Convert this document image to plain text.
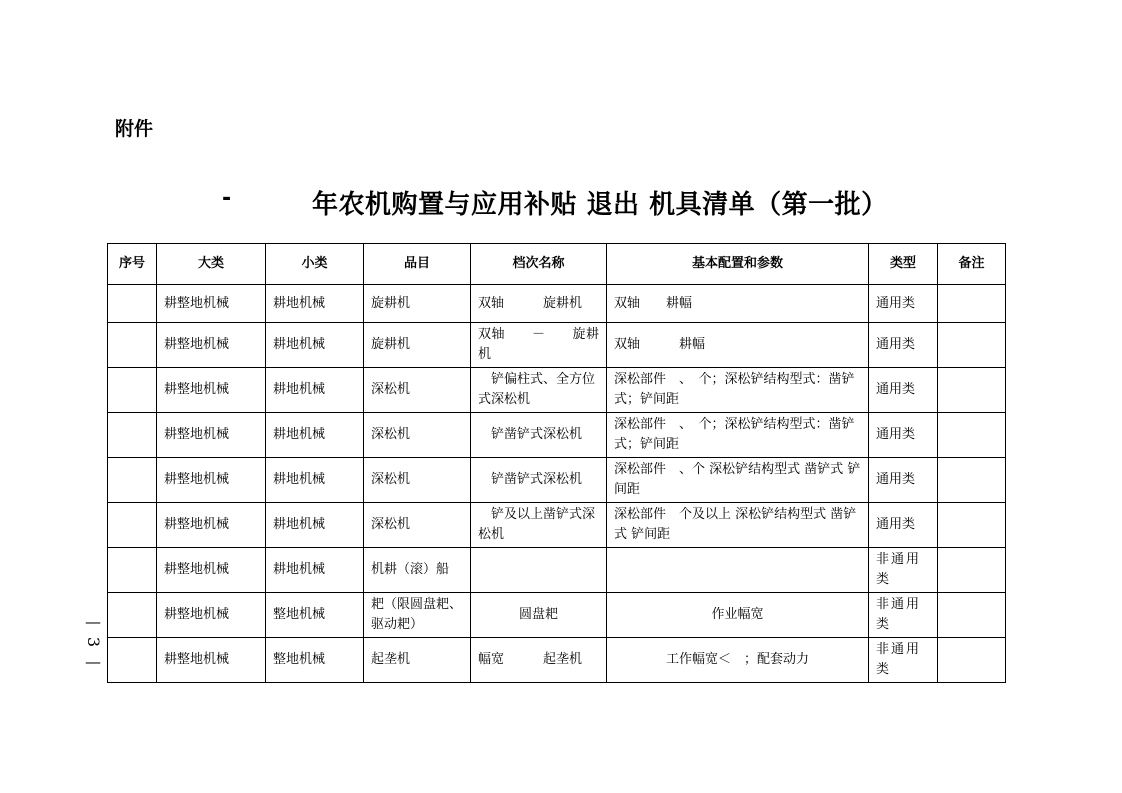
附件
-	年农机购置与应用补贴 退出 机具清单（第一批）
序号	大类	小类	品目	档次名称	基本配置和参数	类型	备注
	耕整地机械	耕地机械	旋耕机	双轴　　　旋耕机	双轴　　耕幅	通用类	
	耕整地机械	耕地机械	旋耕机	双轴　　－　　旋耕机	双轴　　　耕幅	通用类	
	耕整地机械	耕地机械	深松机	　铲偏柱式、全方位式深松机	深松部件　、　个；深松铲结构型式：凿铲式；铲间距	通用类	
	耕整地机械	耕地机械	深松机	　铲凿铲式深松机	深松部件　、　个；深松铲结构型式：凿铲式；铲间距	通用类	
	耕整地机械	耕地机械	深松机	　铲凿铲式深松机	深松部件　、个 深松铲结构型式 凿铲式 铲间距	通用类	
	耕整地机械	耕地机械	深松机	　铲及以上凿铲式深松机	深松部件　个及以上 深松铲结构型式 凿铲式 铲间距	通用类	
	耕整地机械	耕地机械	机耕（滚）船			非通用类	
	耕整地机械	整地机械	耙（限圆盘耙、驱动耙）	圆盘耙	作业幅宽	非通用类	
	耕整地机械	整地机械	起垄机	幅宽　　　起垄机	工作幅宽＜　；配套动力	非通用类	
—
3
—
